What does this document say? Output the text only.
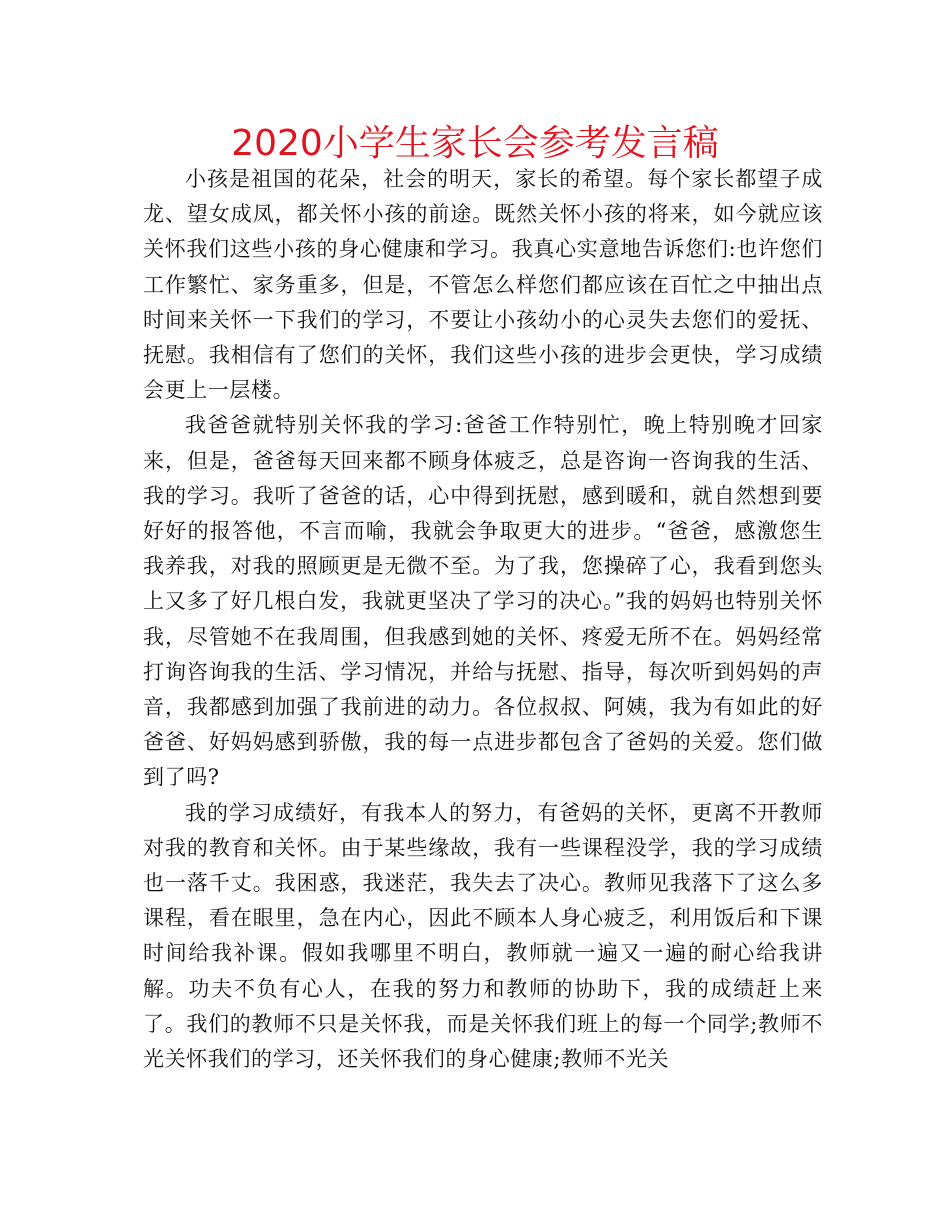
2020小学生家长会参考发言稿

小孩是祖国的花朵，社会的明天，家长的希望。每个家长都望子成龙、望女成凤，都关怀小孩的前途。既然关怀小孩的将来，如今就应该关怀我们这些小孩的身心健康和学习。我真心实意地告诉您们:也许您们工作繁忙、家务重多，但是，不管怎么样您们都应该在百忙之中抽出点时间来关怀一下我们的学习，不要让小孩幼小的心灵失去您们的爱抚、抚慰。我相信有了您们的关怀，我们这些小孩的进步会更快，学习成绩会更上一层楼。

我爸爸就特别关怀我的学习:爸爸工作特别忙，晚上特别晚才回家来，但是，爸爸每天回来都不顾身体疲乏，总是咨询一咨询我的生活、我的学习。我听了爸爸的话，心中得到抚慰，感到暖和，就自然想到要好好的报答他，不言而喻，我就会争取更大的进步。“爸爸，感激您生我养我，对我的照顾更是无微不至。为了我，您操碎了心，我看到您头上又多了好几根白发，我就更坚决了学习的决心。”我的妈妈也特别关怀我，尽管她不在我周围，但我感到她的关怀、疼爱无所不在。妈妈经常打询咨询我的生活、学习情况，并给与抚慰、指导，每次听到妈妈的声音，我都感到加强了我前进的动力。各位叔叔、阿姨，我为有如此的好爸爸、好妈妈感到骄傲，我的每一点进步都包含了爸妈的关爱。您们做到了吗?

我的学习成绩好，有我本人的努力，有爸妈的关怀，更离不开教师对我的教育和关怀。由于某些缘故，我有一些课程没学，我的学习成绩也一落千丈。我困惑，我迷茫，我失去了决心。教师见我落下了这么多课程，看在眼里，急在内心，因此不顾本人身心疲乏，利用饭后和下课时间给我补课。假如我哪里不明白，教师就一遍又一遍的耐心给我讲解。功夫不负有心人，在我的努力和教师的协助下，我的成绩赶上来了。我们的教师不只是关怀我，而是关怀我们班上的每一个同学;教师不光关怀我们的学习，还关怀我们的身心健康;教师不光关
